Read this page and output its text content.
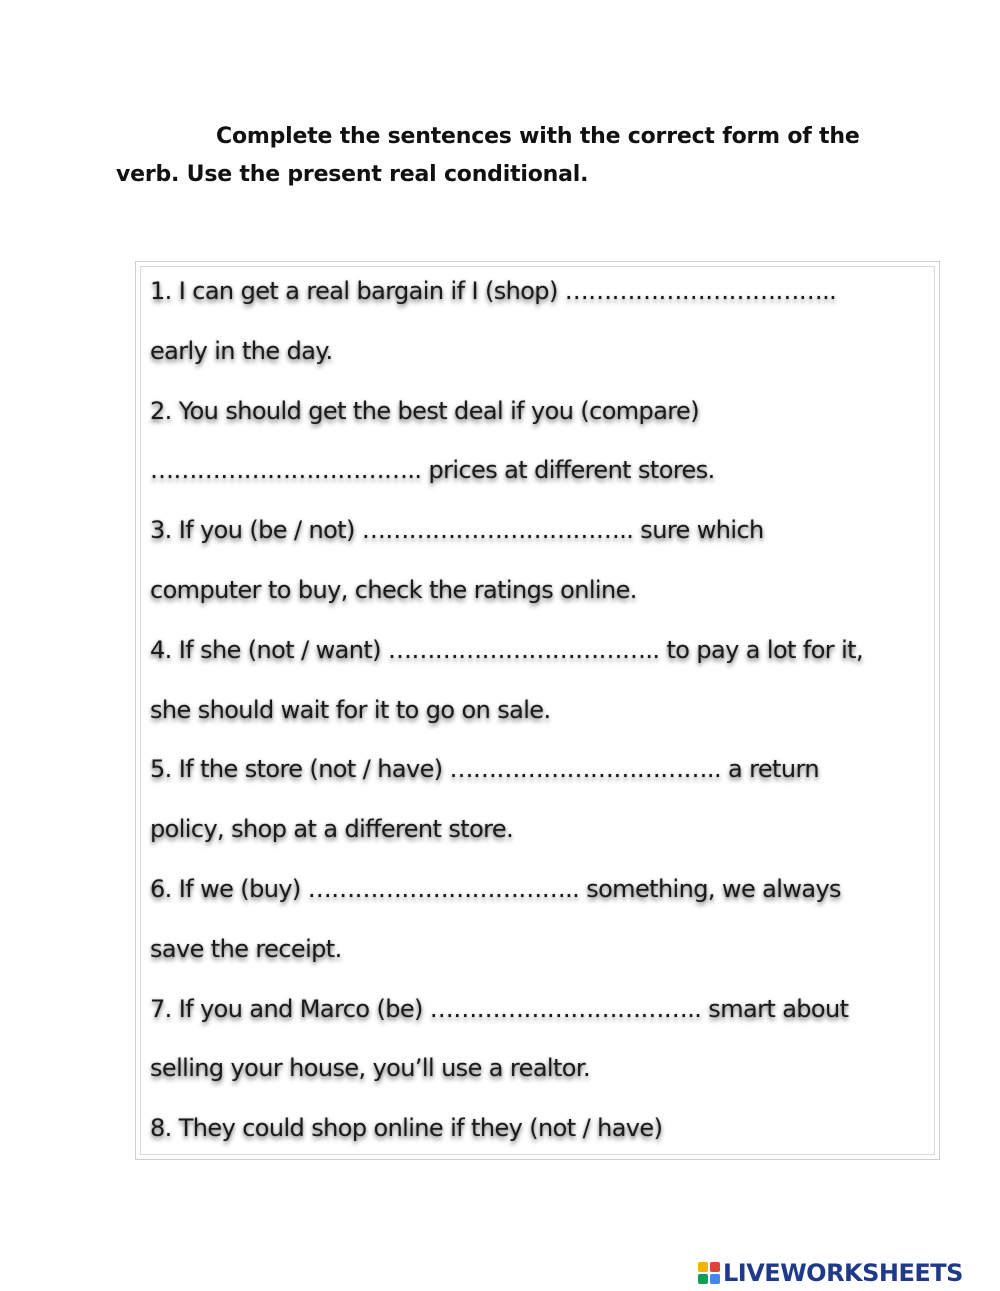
Complete the sentences with the correct form of the verb. Use the present real conditional.

1. I can get a real bargain if I (shop) ……………………………..
early in the day.
2. You should get the best deal if you (compare)
…………………………….. prices at different stores.
3. If you (be / not) …………………………….. sure which
computer to buy, check the ratings online.
4. If she (not / want) …………………………….. to pay a lot for it,
she should wait for it to go on sale.
5. If the store (not / have) …………………………….. a return
policy, shop at a different store.
6. If we (buy) …………………………….. something, we always
save the receipt.
7. If you and Marco (be) …………………………….. smart about
selling your house, you’ll use a realtor.
8. They could shop online if they (not / have)
LIVEWORKSHEETS
